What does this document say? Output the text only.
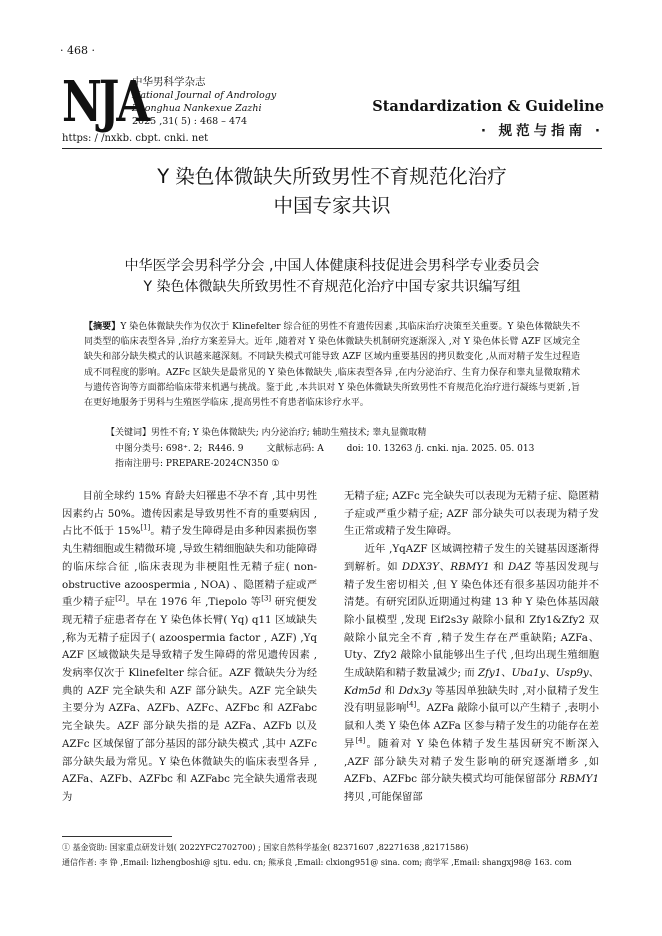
· 468 ·
NJA
中华男科学杂志
National Journal of Andrology
Zhonghua Nankexue Zazhi
2025 ,31( 5) : 468 – 474
https: / /nxkb. cbpt. cnki. net
Standardization & Guideline
· 规范与指南 ·
Y 染色体微缺失所致男性不育规范化治疗
中国专家共识
中华医学会男科学分会 ,中国人体健康科技促进会男科学专业委员会
Y 染色体微缺失所致男性不育规范化治疗中国专家共识编写组
【摘要】Y 染色体微缺失作为仅次于 Klinefelter 综合征的男性不育遗传因素 ,其临床治疗决策至关重要。Y 染色体微缺失不同类型的临床表型各异 ,治疗方案差异大。近年 ,随着对 Y 染色体微缺失机制研究逐渐深入 ,对 Y 染色体长臂 AZF 区域完全缺失和部分缺失模式的认识越来越深刻。不同缺失模式可能导致 AZF 区域内重要基因的拷贝数变化 ,从而对精子发生过程造成不同程度的影响。AZFc 区缺失是最常见的 Y 染色体微缺失 ,临床表型各异 ,在内分泌治疗、生育力保存和睾丸显微取精术与遗传咨询等方面都给临床带来机遇与挑战。鉴于此 ,本共识对 Y 染色体微缺失所致男性不育规范化治疗进行凝练与更新 ,旨在更好地服务于男科与生殖医学临床 ,提高男性不育患者临床诊疗水平。
【关键词】男性不育; Y 染色体微缺失; 内分泌治疗; 辅助生殖技术; 睾丸显微取精
中图分类号: 698⁺. 2;  R446. 9        文献标志码: A        doi: 10. 13263 /j. cnki. nja. 2025. 05. 013
指南注册号: PREPARE-2024CN350 ①

目前全球约 15% 育龄夫妇罹患不孕不育 ,其中男性因素约占 50%。遗传因素是导致男性不育的重要病因 ,占比不低于 15%[1]。精子发生障碍是由多种因素损伤睾丸生精细胞或生精微环境 ,导致生精细胞缺失和功能障碍的临床综合征 ,临床表现为非梗阻性无精子症( non-obstructive azoospermia , NOA) 、隐匿精子症或严重少精子症[2]。早在 1976 年 ,Tiepolo 等[3] 研究便发现无精子症患者存在 Y 染色体长臂( Yq) q11 区域缺失 ,称为无精子症因子( azoospermia factor , AZF) ,Yq AZF 区域微缺失是导致精子发生障碍的常见遗传因素 ,发病率仅次于 Klinefelter 综合征。AZF 微缺失分为经典的 AZF 完全缺失和 AZF 部分缺失。AZF 完全缺失主要分为 AZFa、AZFb、AZFc、AZFbc 和 AZFabc 完全缺失。AZF 部分缺失指的是 AZFa、AZFb 以及 AZFc 区域保留了部分基因的部分缺失模式 ,其中 AZFc 部分缺失最为常见。Y 染色体微缺失的临床表型各异 , AZFa、AZFb、AZFbc 和 AZFabc 完全缺失通常表现为

无精子症; AZFc 完全缺失可以表现为无精子症、隐匿精子症或严重少精子症; AZF 部分缺失可以表现为精子发生正常或精子发生障碍。

近年 ,YqAZF 区域调控精子发生的关键基因逐渐得到解析。如 DDX3Y、RBMY1 和 DAZ 等基因发现与精子发生密切相关 ,但 Y 染色体还有很多基因功能并不清楚。有研究团队近期通过构建 13 种 Y 染色体基因敲除小鼠模型 ,发现 Eif2s3y 敲除小鼠和 Zfy1&Zfy2 双敲除小鼠完全不育 ,精子发生存在严重缺陷; AZFa、Uty、Zfy2 敲除小鼠能够出生子代 ,但均出现生殖细胞生成缺陷和精子数量减少; 而 Zfy1、Uba1y、Usp9y、Kdm5d 和 Ddx3y 等基因单独缺失时 ,对小鼠精子发生没有明显影响[4]。AZFa 敲除小鼠可以产生精子 ,表明小鼠和人类 Y 染色体 AZFa 区参与精子发生的功能存在差异[4]。随着对 Y 染色体精子发生基因研究不断深入 ,AZF 部分缺失对精子发生影响的研究逐渐增多 ,如 AZFb、AZFbc 部分缺失模式均可能保留部分 RBMY1 拷贝 ,可能保留部

① 基金资助: 国家重点研发计划( 2022YFC2702700) ; 国家自然科学基金( 82371607 ,82271638 ,82171586)
通信作者: 李 铮 ,Email: lizhengboshi@ sjtu. edu. cn; 熊承良 ,Email: clxiong951@ sina. com; 商学军 ,Email: shangxj98@ 163. com
